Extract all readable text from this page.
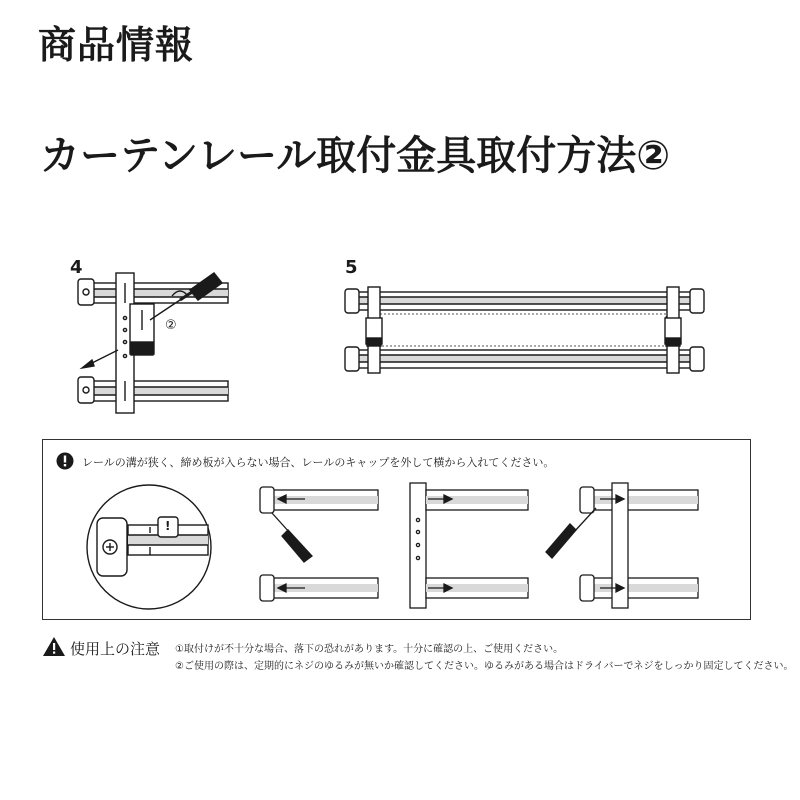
商品情報
カーテンレール取付金具取付方法②
4	5
②
レールの溝が狭く、締め板が入らない場合、レールのキャップを外して横から入れてください。
!
使用上の注意 ①取付けが不十分な場合、落下の恐れがあります。十分に確認の上、ご使用ください。
②ご使用の際は、定期的にネジのゆるみが無いか確認してください。ゆるみがある場合はドライバーでネジをしっかり固定してください。
